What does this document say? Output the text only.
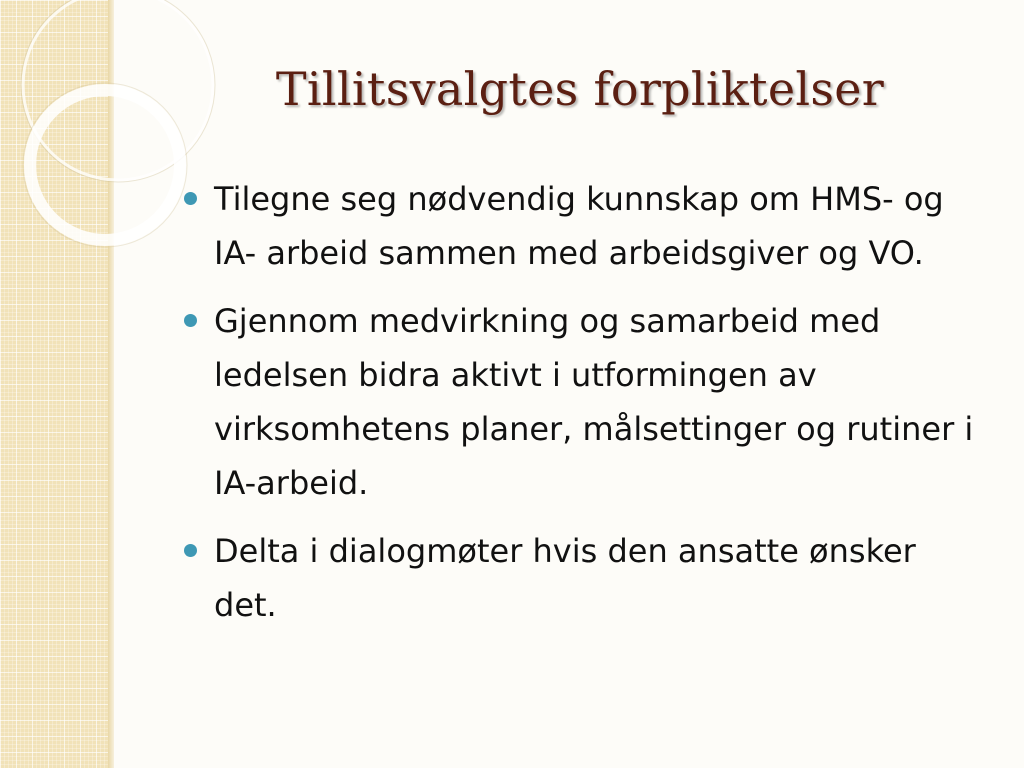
Tillitsvalgtes forpliktelser
Tilegne seg nødvendig kunnskap om HMS- og IA- arbeid sammen med arbeidsgiver og VO.
Gjennom medvirkning og samarbeid med ledelsen bidra aktivt i utformingen av virksomhetens planer, målsettinger og rutiner i IA-arbeid.
Delta i dialogmøter hvis den ansatte ønsker det.
